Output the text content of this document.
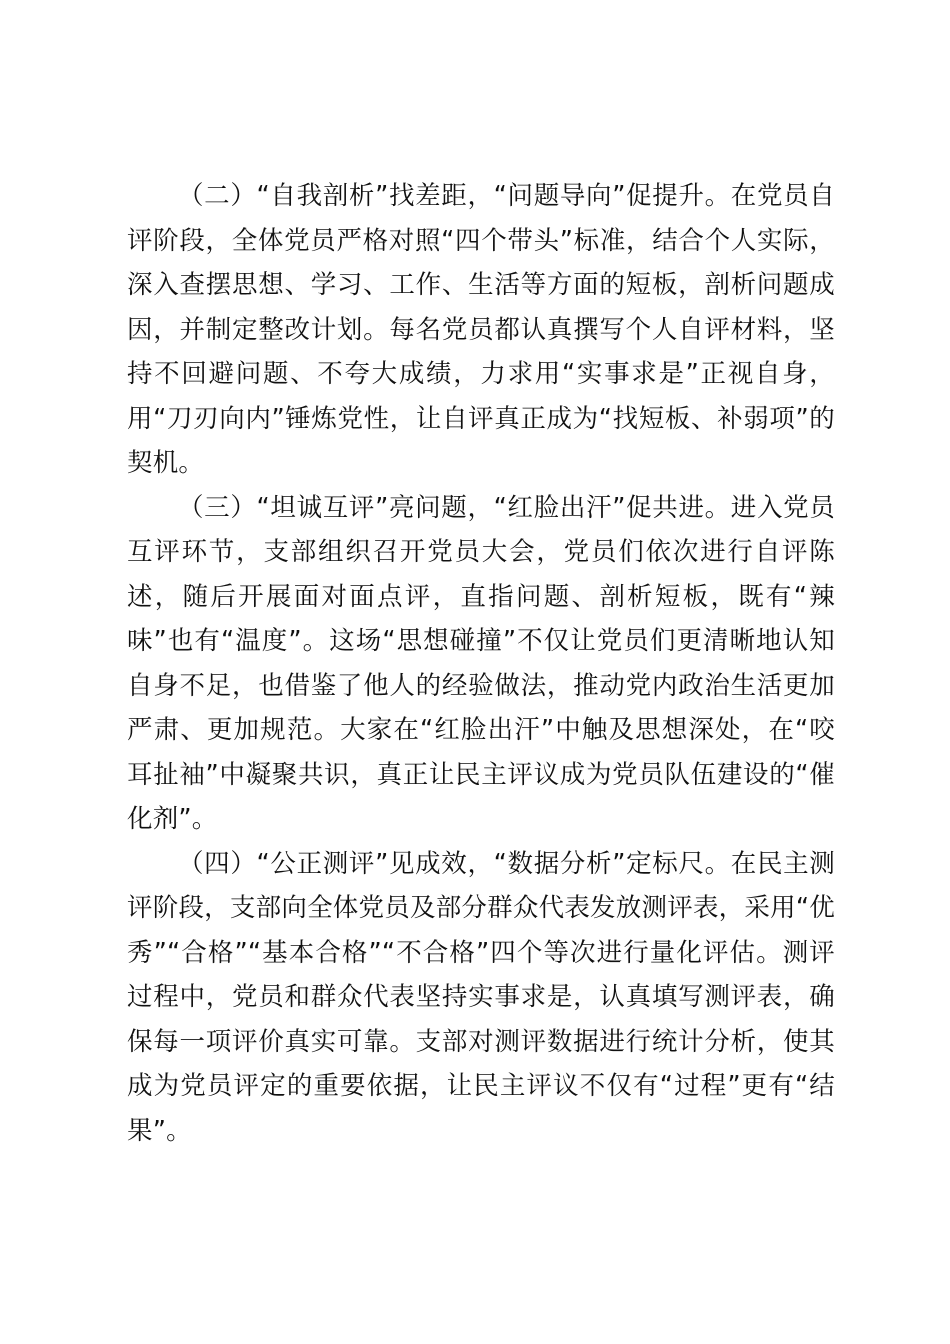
（二）“自我剖析”找差距，“问题导向”促提升。在党员自评阶段，全体党员严格对照“四个带头”标准，结合个人实际，深入查摆思想、学习、工作、生活等方面的短板，剖析问题成因，并制定整改计划。每名党员都认真撰写个人自评材料，坚持不回避问题、不夸大成绩，力求用“实事求是”正视自身，用“刀刃向内”锤炼党性，让自评真正成为“找短板、补弱项”的契机。

（三）“坦诚互评”亮问题，“红脸出汗”促共进。进入党员互评环节，支部组织召开党员大会，党员们依次进行自评陈述，随后开展面对面点评，直指问题、剖析短板，既有“辣味”也有“温度”。这场“思想碰撞”不仅让党员们更清晰地认知自身不足，也借鉴了他人的经验做法，推动党内政治生活更加严肃、更加规范。大家在“红脸出汗”中触及思想深处，在“咬耳扯袖”中凝聚共识，真正让民主评议成为党员队伍建设的“催化剂”。

（四）“公正测评”见成效，“数据分析”定标尺。在民主测评阶段，支部向全体党员及部分群众代表发放测评表，采用“优秀”“合格”“基本合格”“不合格”四个等次进行量化评估。测评过程中，党员和群众代表坚持实事求是，认真填写测评表，确保每一项评价真实可靠。支部对测评数据进行统计分析，使其成为党员评定的重要依据，让民主评议不仅有“过程”更有“结果”。
